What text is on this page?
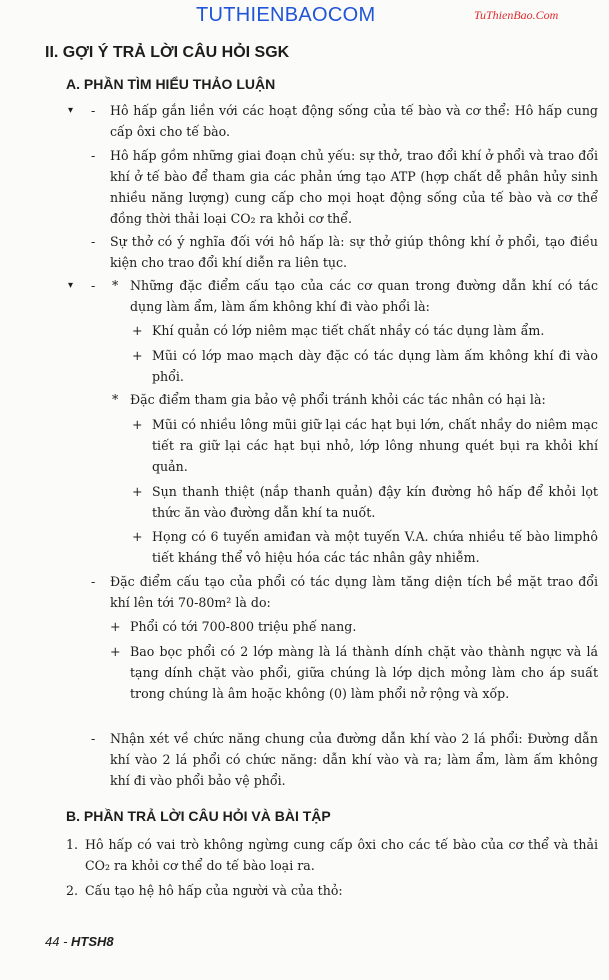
TUTHIENBAOCOM	TuThienBao.Com
II. GỢI Ý TRẢ LỜI CÂU HỎI SGK
A. PHẦN TÌM HIỂU THẢO LUẬN
▾ - Hô hấp gắn liền với các hoạt động sống của tế bào và cơ thể: Hô hấp cung cấp ôxi cho tế bào.
- Hô hấp gồm những giai đoạn chủ yếu: sự thở, trao đổi khí ở phổi và trao đổi khí ở tế bào để tham gia các phản ứng tạo ATP (hợp chất dễ phân hủy sinh nhiều năng lượng) cung cấp cho mọi hoạt động sống của tế bào và cơ thể đồng thời thải loại CO₂ ra khỏi cơ thể.
- Sự thở có ý nghĩa đối với hô hấp là: sự thở giúp thông khí ở phổi, tạo điều kiện cho trao đổi khí diễn ra liên tục.
▾ - * Những đặc điểm cấu tạo của các cơ quan trong đường dẫn khí có tác dụng làm ẩm, làm ấm không khí đi vào phổi là:
+ Khí quản có lớp niêm mạc tiết chất nhầy có tác dụng làm ẩm.
+ Mũi có lớp mao mạch dày đặc có tác dụng làm ấm không khí đi vào phổi.
* Đặc điểm tham gia bảo vệ phổi tránh khỏi các tác nhân có hại là:
+ Mũi có nhiều lông mũi giữ lại các hạt bụi lớn, chất nhầy do niêm mạc tiết ra giữ lại các hạt bụi nhỏ, lớp lông nhung quét bụi ra khỏi khí quản.
+ Sụn thanh thiệt (nắp thanh quản) đậy kín đường hô hấp để khỏi lọt thức ăn vào đường dẫn khí ta nuốt.
+ Họng có 6 tuyến amiđan và một tuyến V.A. chứa nhiều tế bào limphô tiết kháng thể vô hiệu hóa các tác nhân gây nhiễm.
- Đặc điểm cấu tạo của phổi có tác dụng làm tăng diện tích bề mặt trao đổi khí lên tới 70-80m² là do:
+ Phổi có tới 700-800 triệu phế nang.
+ Bao bọc phổi có 2 lớp màng là lá thành dính chặt vào thành ngực và lá tạng dính chặt vào phổi, giữa chúng là lớp dịch mỏng làm cho áp suất trong chúng là âm hoặc không (0) làm phổi nở rộng và xốp.
- Nhận xét về chức năng chung của đường dẫn khí vào 2 lá phổi: Đường dẫn khí vào 2 lá phổi có chức năng: dẫn khí vào và ra; làm ẩm, làm ấm không khí đi vào phổi bảo vệ phổi.
B. PHẦN TRẢ LỜI CÂU HỎI VÀ BÀI TẬP
1. Hô hấp có vai trò không ngừng cung cấp ôxi cho các tế bào của cơ thể và thải CO₂ ra khỏi cơ thể do tế bào loại ra.
2. Cấu tạo hệ hô hấp của người và của thỏ:
44 - HTSH8
